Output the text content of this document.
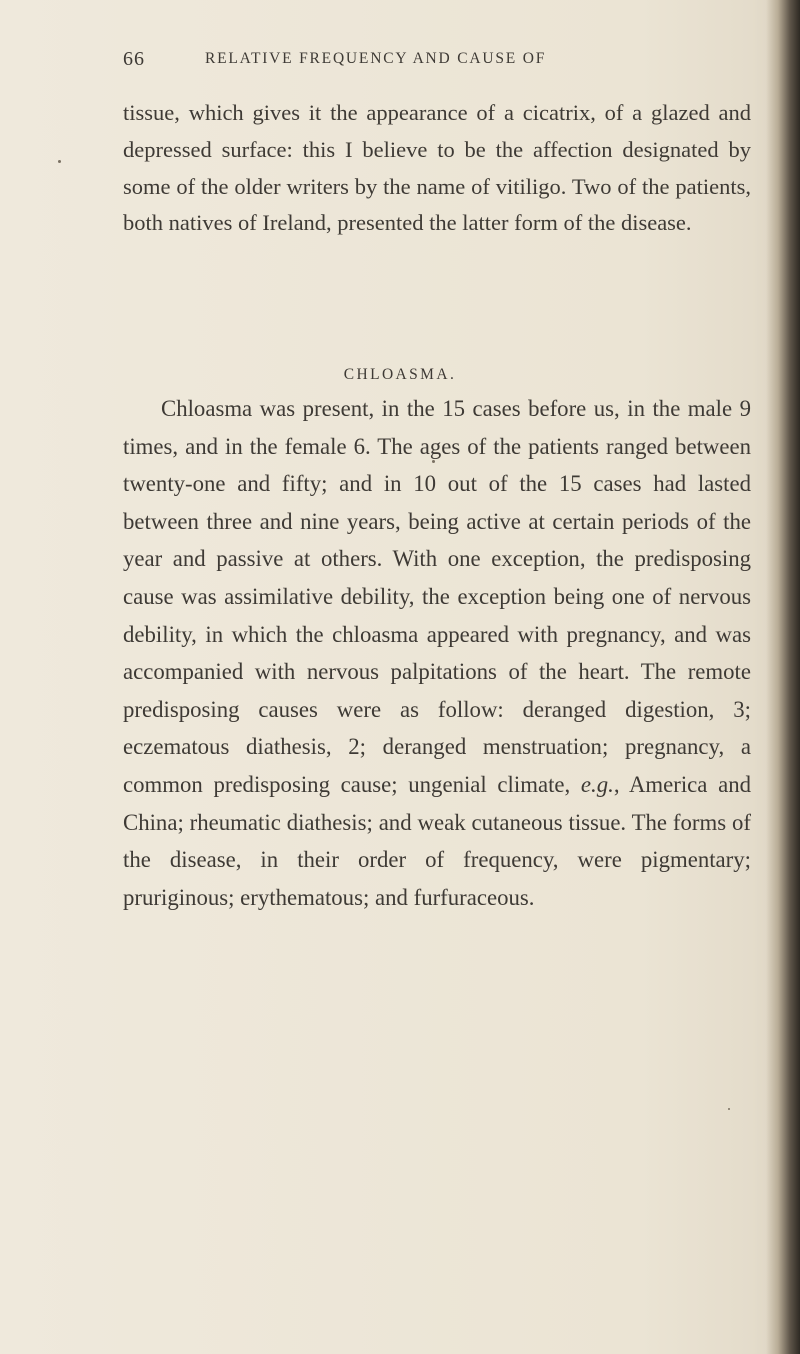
66	RELATIVE FREQUENCY AND CAUSE OF

tissue, which gives it the appearance of a cicatrix, of a glazed and depressed surface: this I believe to be the affection designated by some of the older writers by the name of vitiligo. Two of the patients, both natives of Ireland, presented the latter form of the disease.

CHLOASMA.

Chloasma was present, in the 15 cases before us, in the male 9 times, and in the female 6. The ages of the patients ranged between twenty-one and fifty; and in 10 out of the 15 cases had lasted between three and nine years, being active at certain periods of the year and passive at others. With one exception, the predisposing cause was assimilative debility, the exception being one of nervous debility, in which the chloasma appeared with pregnancy, and was accompanied with nervous palpitations of the heart. The remote predisposing causes were as follow: deranged digestion, 3; eczematous diathesis, 2; deranged menstruation; pregnancy, a common predisposing cause; ungenial climate, e.g., America and China; rheumatic diathesis; and weak cutaneous tissue. The forms of the disease, in their order of frequency, were pigmentary; pruriginous; erythematous; and furfuraceous.
